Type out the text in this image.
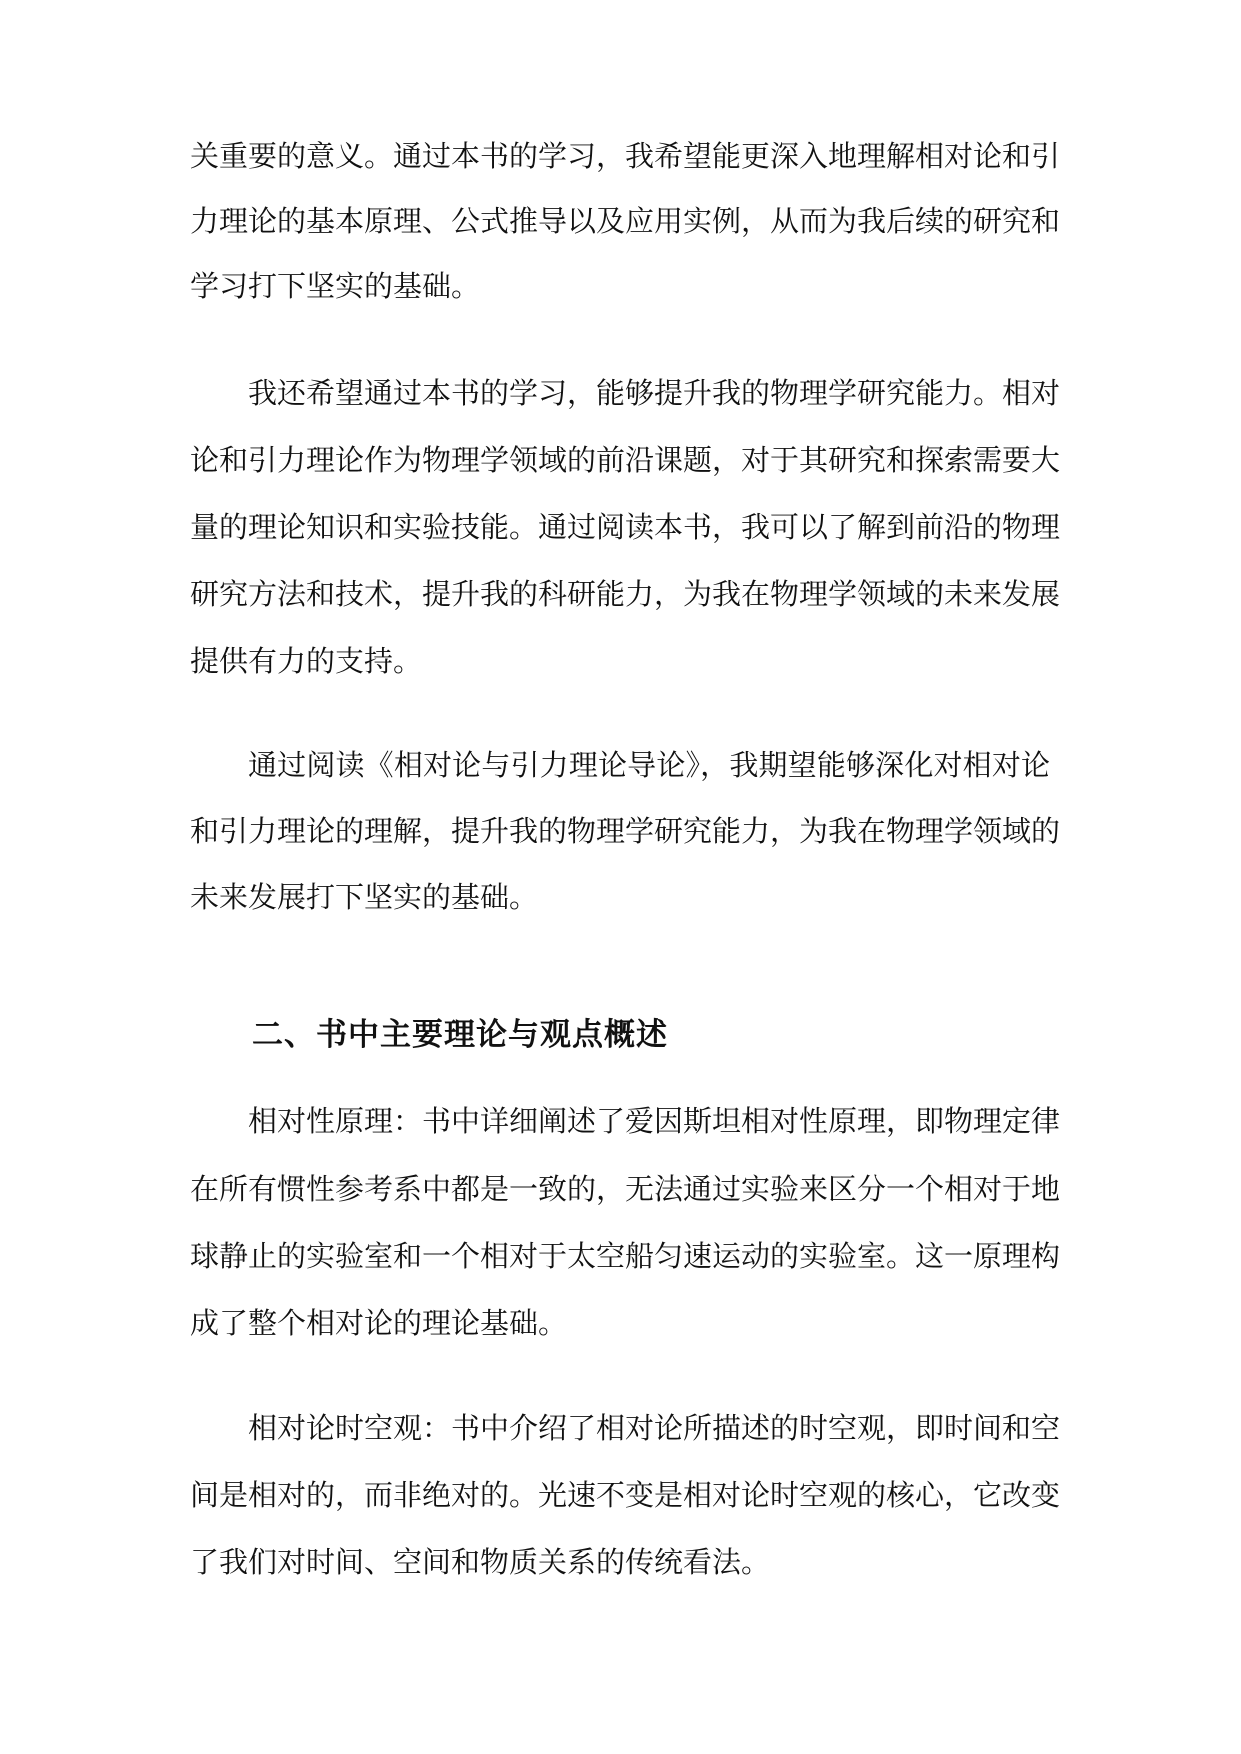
关重要的意义。通过本书的学习，我希望能更深入地理解相对论和引
力理论的基本原理、公式推导以及应用实例，从而为我后续的研究和
学习打下坚实的基础。
我还希望通过本书的学习，能够提升我的物理学研究能力。相对
论和引力理论作为物理学领域的前沿课题，对于其研究和探索需要大
量的理论知识和实验技能。通过阅读本书，我可以了解到前沿的物理
研究方法和技术，提升我的科研能力，为我在物理学领域的未来发展
提供有力的支持。
通过阅读《相对论与引力理论导论》，我期望能够深化对相对论
和引力理论的理解，提升我的物理学研究能力，为我在物理学领域的
未来发展打下坚实的基础。
二、书中主要理论与观点概述
相对性原理：书中详细阐述了爱因斯坦相对性原理，即物理定律
在所有惯性参考系中都是一致的，无法通过实验来区分一个相对于地
球静止的实验室和一个相对于太空船匀速运动的实验室。这一原理构
成了整个相对论的理论基础。
相对论时空观：书中介绍了相对论所描述的时空观，即时间和空
间是相对的，而非绝对的。光速不变是相对论时空观的核心，它改变
了我们对时间、空间和物质关系的传统看法。
